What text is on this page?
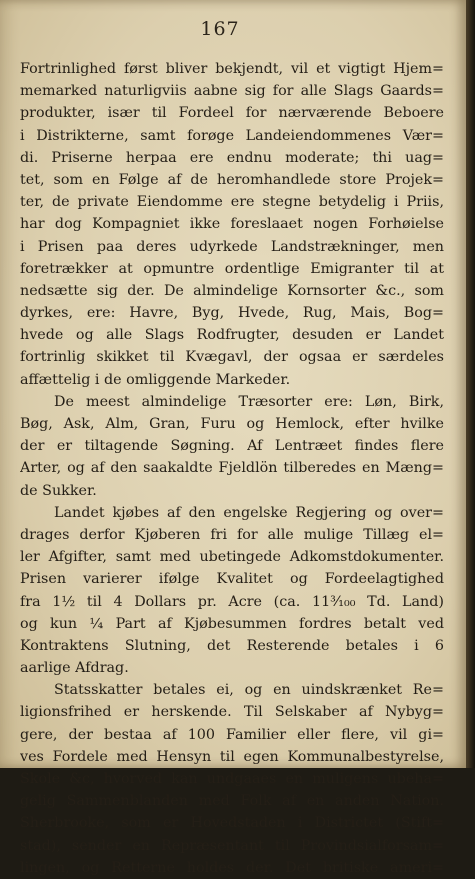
167
Fortrinlighed først bliver bekjendt, vil et vigtigt Hjem=
memarked naturligviis aabne sig for alle Slags Gaards=
produkter, især til Fordeel for nærværende Beboere
i Distrikterne, samt forøge Landeiendommenes Vær=
di. Priserne herpaa ere endnu moderate; thi uag=
tet, som en Følge af de heromhandlede store Projek=
ter, de private Eiendomme ere stegne betydelig i Priis,
har dog Kompagniet ikke foreslaaet nogen Forhøielse
i Prisen paa deres udyrkede Landstrækninger, men
foretrækker at opmuntre ordentlige Emigranter til at
nedsætte sig der. De almindelige Kornsorter &c., som
dyrkes, ere: Havre, Byg, Hvede, Rug, Mais, Bog=
hvede og alle Slags Rodfrugter, desuden er Landet
fortrinlig skikket til Kvægavl, der ogsaa er særdeles
affættelig i de omliggende Markeder.
De meest almindelige Træsorter ere: Løn, Birk,
Bøg, Ask, Alm, Gran, Furu og Hemlock, efter hvilke
der er tiltagende Søgning. Af Lentræet findes flere
Arter, og af den saakaldte Fjeldlön tilberedes en Mæng=
de Sukker.
Landet kjøbes af den engelske Regjering og over=
drages derfor Kjøberen fri for alle mulige Tillæg el=
ler Afgifter, samt med ubetingede Adkomstdokumenter.
Prisen varierer ifølge Kvalitet og Fordeelagtighed
fra 1½ til 4 Dollars pr. Acre (ca. 11³⁄₁₀₀ Td. Land)
og kun ¼ Part af Kjøbesummen fordres betalt ved
Kontraktens Slutning, det Resterende betales i 6
aarlige Afdrag.
Statsskatter betales ei, og en uindskrænket Re=
ligionsfrihed er herskende. Til Selskaber af Nybyg=
gere, der bestaa af 100 Familier eller flere, vil gi=
ves Fordele med Hensyn til egen Kommunalbestyrelse,
Skole &c, hvorved kan undgaaes en muligens ubeha=
gelig Sammenblanden med Folk af en anden Nation.
Sherbrooke, som er Hovedstaden i Districtet (Stift=
stad), sender en Repræsentant til Provindsialforsam=
lingen, og Retterne holdes der. Det britiske ameri=
